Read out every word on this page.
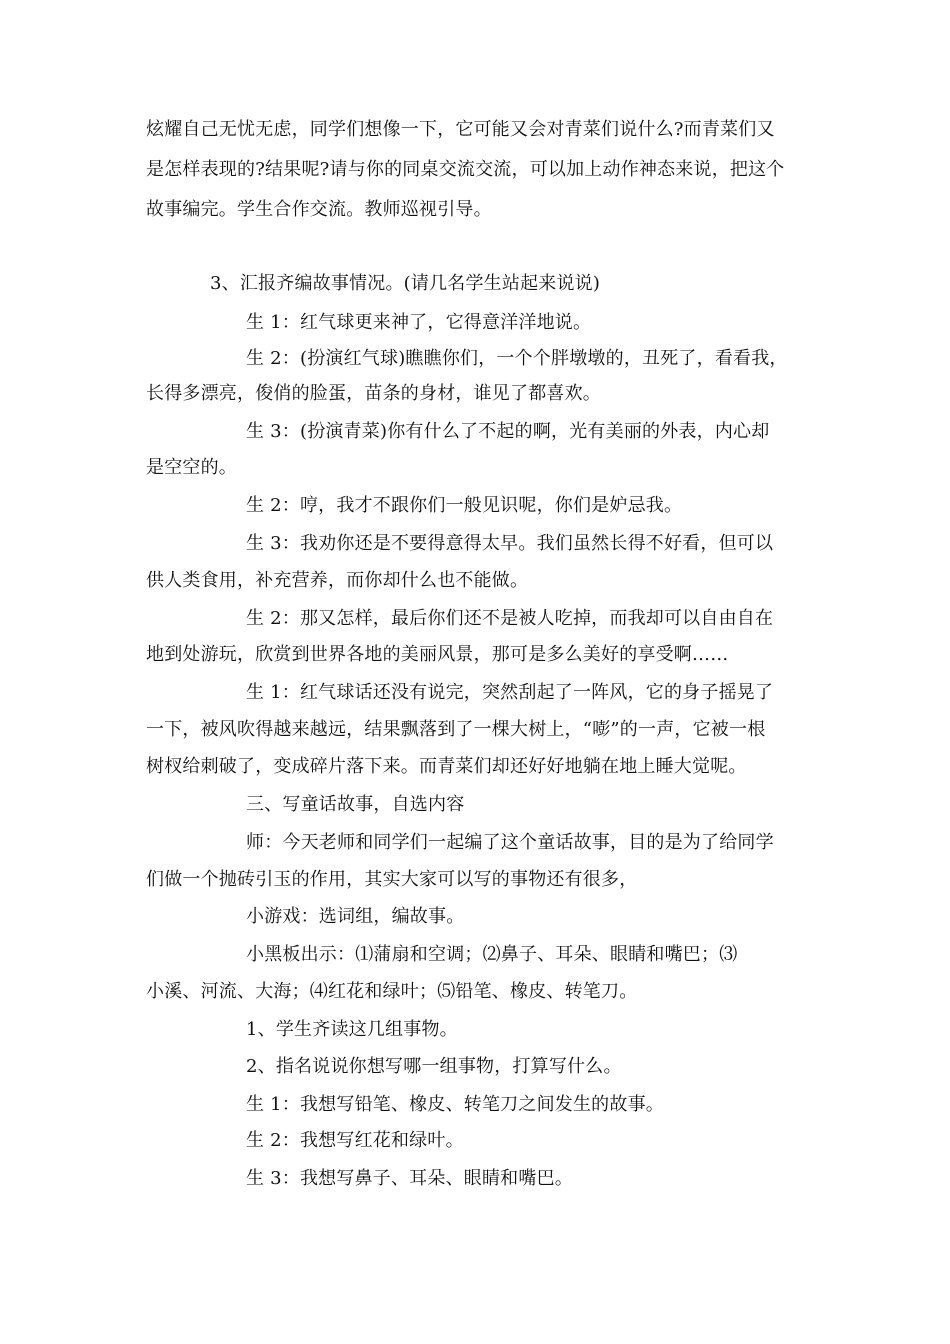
炫耀自己无忧无虑，同学们想像一下，它可能又会对青菜们说什么?而青菜们又
是怎样表现的?结果呢?请与你的同桌交流交流，可以加上动作神态来说，把这个
故事编完。学生合作交流。教师巡视引导。
3、汇报齐编故事情况。(请几名学生站起来说说)
生 1：红气球更来神了，它得意洋洋地说。
生 2：(扮演红气球)瞧瞧你们，一个个胖墩墩的，丑死了，看看我，
长得多漂亮，俊俏的脸蛋，苗条的身材，谁见了都喜欢。
生 3：(扮演青菜)你有什么了不起的啊，光有美丽的外表，内心却
是空空的。
生 2：哼，我才不跟你们一般见识呢，你们是妒忌我。
生 3：我劝你还是不要得意得太早。我们虽然长得不好看，但可以
供人类食用，补充营养，而你却什么也不能做。
生 2：那又怎样，最后你们还不是被人吃掉，而我却可以自由自在
地到处游玩，欣赏到世界各地的美丽风景，那可是多么美好的享受啊……
生 1：红气球话还没有说完，突然刮起了一阵风，它的身子摇晃了
一下，被风吹得越来越远，结果飘落到了一棵大树上，“嘭”的一声，它被一根
树杈给刺破了，变成碎片落下来。而青菜们却还好好地躺在地上睡大觉呢。
三、写童话故事，自选内容
师：今天老师和同学们一起编了这个童话故事，目的是为了给同学
们做一个抛砖引玉的作用，其实大家可以写的事物还有很多，
小游戏：选词组，编故事。
小黑板出示：⑴蒲扇和空调；⑵鼻子、耳朵、眼睛和嘴巴；⑶
小溪、河流、大海；⑷红花和绿叶；⑸铅笔、橡皮、转笔刀。
1、学生齐读这几组事物。
2、指名说说你想写哪一组事物，打算写什么。
生 1：我想写铅笔、橡皮、转笔刀之间发生的故事。
生 2：我想写红花和绿叶。
生 3：我想写鼻子、耳朵、眼睛和嘴巴。
